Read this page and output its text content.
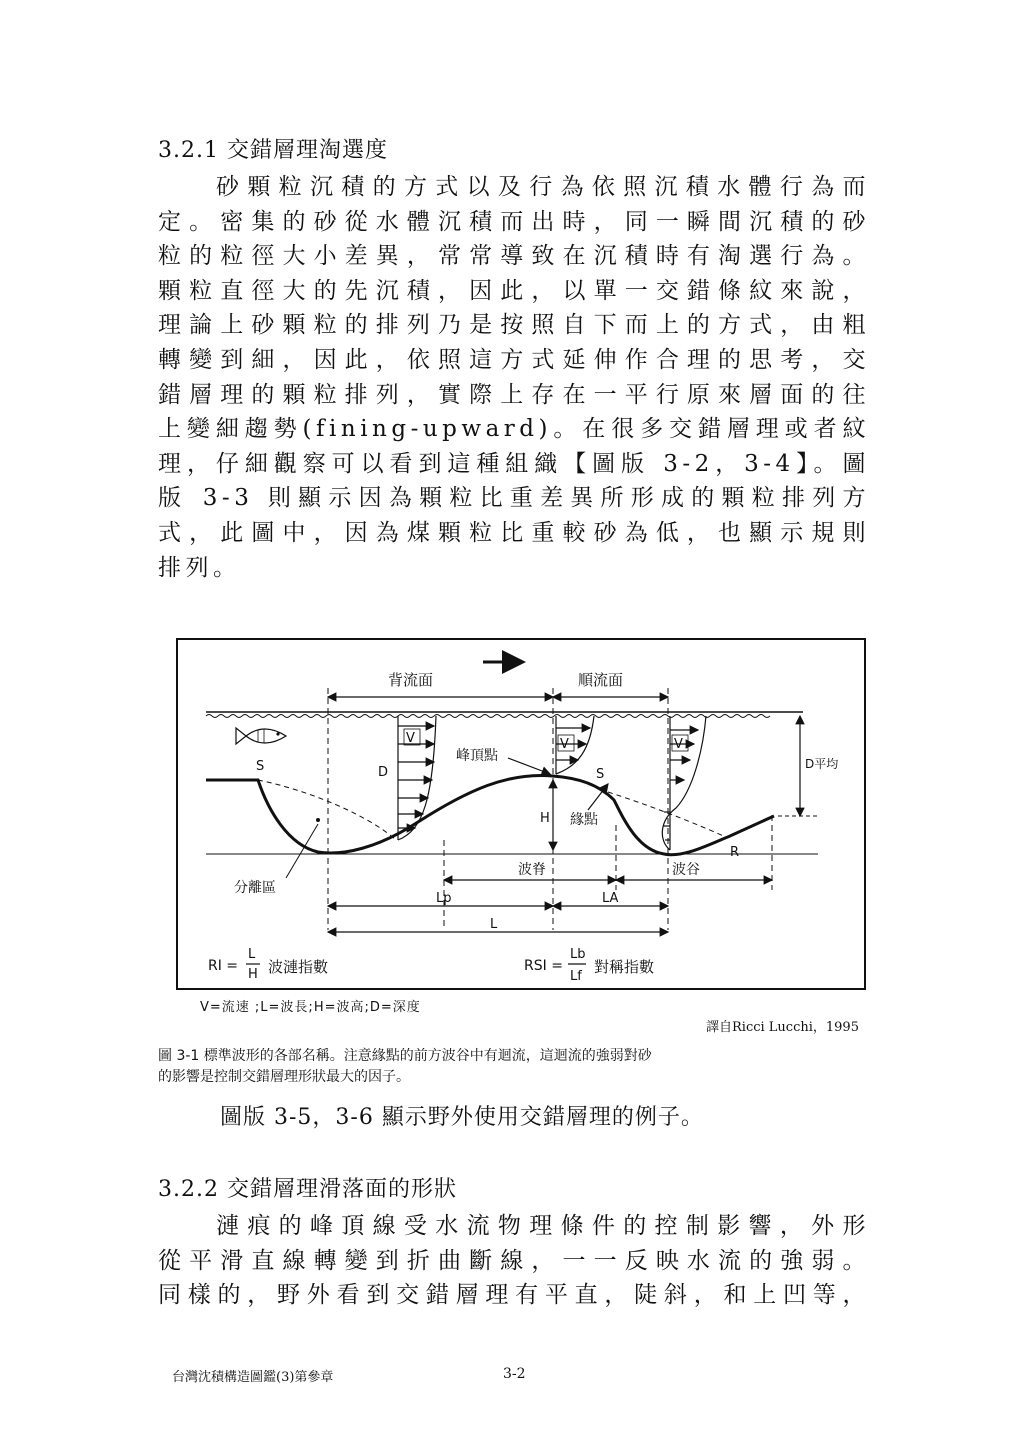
3.2.1 交錯層理淘選度
砂顆粒沉積的方式以及行為依照沉積水體行為而
定。密集的砂從水體沉積而出時，同一瞬間沉積的砂
粒的粒徑大小差異，常常導致在沉積時有淘選行為。
顆粒直徑大的先沉積，因此，以單一交錯條紋來說，
理論上砂顆粒的排列乃是按照自下而上的方式，由粗
轉變到細，因此，依照這方式延伸作合理的思考，交
錯層理的顆粒排列，實際上存在一平行原來層面的往
上變細趨勢(fining-upward)。在很多交錯層理或者紋
理，仔細觀察可以看到這種組織【圖版 3-2，3-4】。圖
版 3-3 則顯示因為顆粒比重差異所形成的顆粒排列方
式，此圖中，因為煤顆粒比重較砂為低，也顯示規則
排列。
背流面	順流面
V	V	V
D
S
S
R
峰頂點
緣點
H
D平均
分離區
波脊	波谷
Lp	LA
L
RI =
L
H 波漣指數	RSI =
Lb
Lf
對稱指數
V=流速 ;L=波長;H=波高;D=深度
譯自Ricci Lucchi，1995
圖 3-1 標準波形的各部名稱。注意緣點的前方波谷中有迴流，這迴流的強弱對砂
的影響是控制交錯層理形狀最大的因子。
圖版 3-5，3-6 顯示野外使用交錯層理的例子。
3.2.2 交錯層理滑落面的形狀
漣痕的峰頂線受水流物理條件的控制影響，外形
從平滑直線轉變到折曲斷線，一一反映水流的強弱。
同樣的，野外看到交錯層理有平直，陡斜，和上凹等，
台灣沈積構造圖鑑(3)第參章	3-2
